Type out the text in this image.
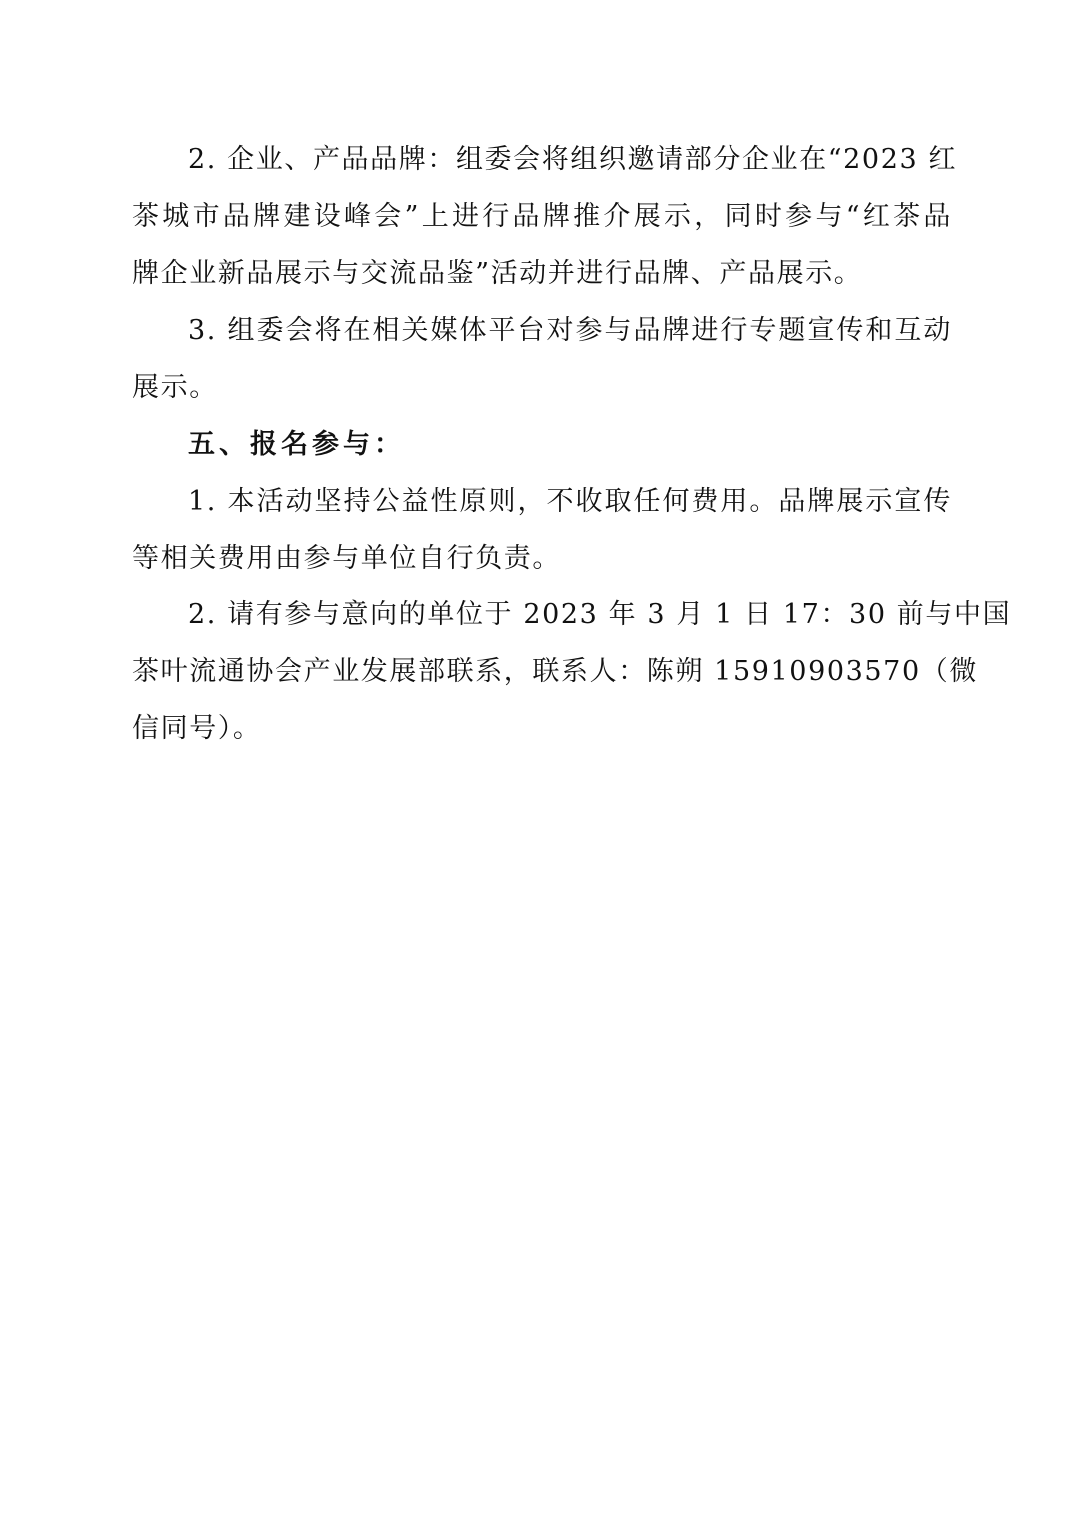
2. 企业、产品品牌：组委会将组织邀请部分企业在“2023 红
茶城市品牌建设峰会”上进行品牌推介展示，同时参与“红茶品
牌企业新品展示与交流品鉴”活动并进行品牌、产品展示。
3. 组委会将在相关媒体平台对参与品牌进行专题宣传和互动
展示。
五、报名参与：
1. 本活动坚持公益性原则，不收取任何费用。品牌展示宣传
等相关费用由参与单位自行负责。
2. 请有参与意向的单位于 2023 年 3 月 1 日 17：30 前与中国
茶叶流通协会产业发展部联系，联系人：陈朔 15910903570（微
信同号）。
